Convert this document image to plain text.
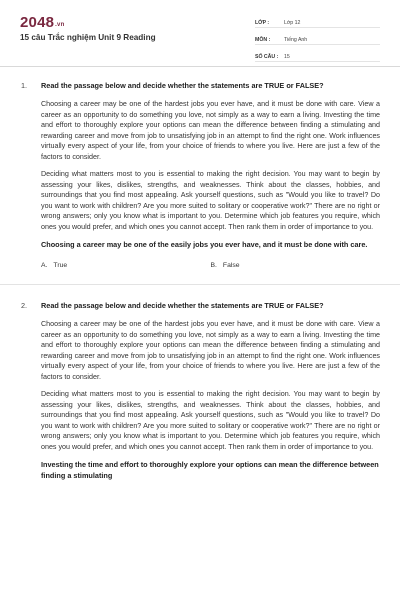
2048.vn
15 câu Trắc nghiệm Unit 9 Reading
LỚP :	Lớp 12
MÔN :	Tiếng Anh
SỐ CÂU :	15
1. Read the passage below and decide whether the statements are TRUE or FALSE?

Choosing a career may be one of the hardest jobs you ever have, and it must be done with care. View a career as an opportunity to do something you love, not simply as a way to earn a living. Investing the time and effort to thoroughly explore your options can mean the difference between finding a stimulating and rewarding career and move from job to unsatisfying job in an attempt to find the right one. Work influences virtually every aspect of your life, from your choice of friends to where you live. Here are just a few of the factors to consider.

Deciding what matters most to you is essential to making the right decision. You may want to begin by assessing your likes, dislikes, strengths, and weaknesses. Think about the classes, hobbies, and surroundings that you find most appealing. Ask yourself questions, such as "Would you like to travel? Do you want to work with children? Are you more suited to solitary or cooperative work?" There are no right or wrong answers; only you know what is important to you. Determine which job features you require, which ones you would prefer, and which ones you cannot accept. Then rank them in order of importance to you.

Choosing a career may be one of the easily jobs you ever have, and it must be done with care.

A. True	B. False
2. Read the passage below and decide whether the statements are TRUE or FALSE?

Choosing a career may be one of the hardest jobs you ever have, and it must be done with care. View a career as an opportunity to do something you love, not simply as a way to earn a living. Investing the time and effort to thoroughly explore your options can mean the difference between finding a stimulating and rewarding career and move from job to unsatisfying job in an attempt to find the right one. Work influences virtually every aspect of your life, from your choice of friends to where you live. Here are just a few of the factors to consider.

Deciding what matters most to you is essential to making the right decision. You may want to begin by assessing your likes, dislikes, strengths, and weaknesses. Think about the classes, hobbies, and surroundings that you find most appealing. Ask yourself questions, such as "Would you like to travel? Do you want to work with children? Are you more suited to solitary or cooperative work?" There are no right or wrong answers; only you know what is important to you. Determine which job features you require, which ones you would prefer, and which ones you cannot accept. Then rank them in order of importance to you.

Investing the time and effort to thoroughly explore your options can mean the difference between finding a stimulating
